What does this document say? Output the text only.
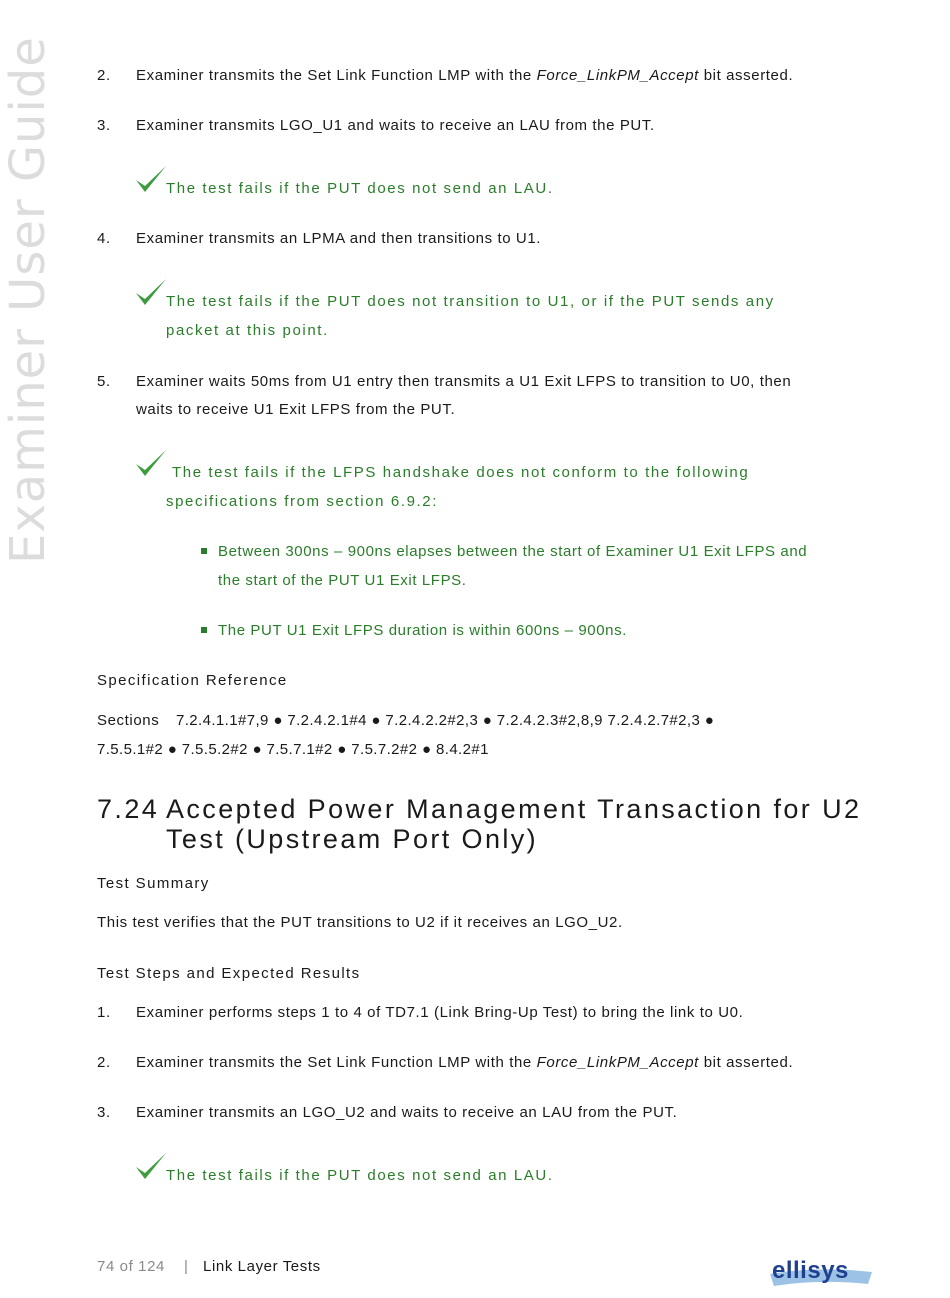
Examiner User Guide	2. Examiner transmits the Set Link Function LMP with the Force_LinkPM_Accept bit asserted.
3. Examiner transmits LGO_U1 and waits to receive an LAU from the PUT.
The test fails if the PUT does not send an LAU.
4. Examiner transmits an LPMA and then transitions to U1.
The test fails if the PUT does not transition to U1, or if the PUT sends any
packet at this point.
5. Examiner waits 50ms from U1 entry then transmits a U1 Exit LFPS to transition to U0, then
waits to receive U1 Exit LFPS from the PUT.
The test fails if the LFPS handshake does not conform to the following
specifications from section 6.9.2:
Between 300ns – 900ns elapses between the start of Examiner U1 Exit LFPS and
the start of the PUT U1 Exit LFPS.
The PUT U1 Exit LFPS duration is within 600ns – 900ns.
Specification Reference
Sections 7.2.4.1.1#7,9 ● 7.2.4.2.1#4 ● 7.2.4.2.2#2,3 ● 7.2.4.2.3#2,8,9 7.2.4.2.7#2,3 ●
7.5.5.1#2 ● 7.5.5.2#2 ● 7.5.7.1#2 ● 7.5.7.2#2 ● 8.4.2#1
7.24 Accepted Power Management Transaction for U2
Test (Upstream Port Only)
Test Summary
This test verifies that the PUT transitions to U2 if it receives an LGO_U2.
Test Steps and Expected Results
1. Examiner performs steps 1 to 4 of TD7.1 (Link Bring-Up Test) to bring the link to U0.
2. Examiner transmits the Set Link Function LMP with the Force_LinkPM_Accept bit asserted.
3. Examiner transmits an LGO_U2 and waits to receive an LAU from the PUT.
The test fails if the PUT does not send an LAU.
74 of 124 | Link Layer Tests	ellisys
